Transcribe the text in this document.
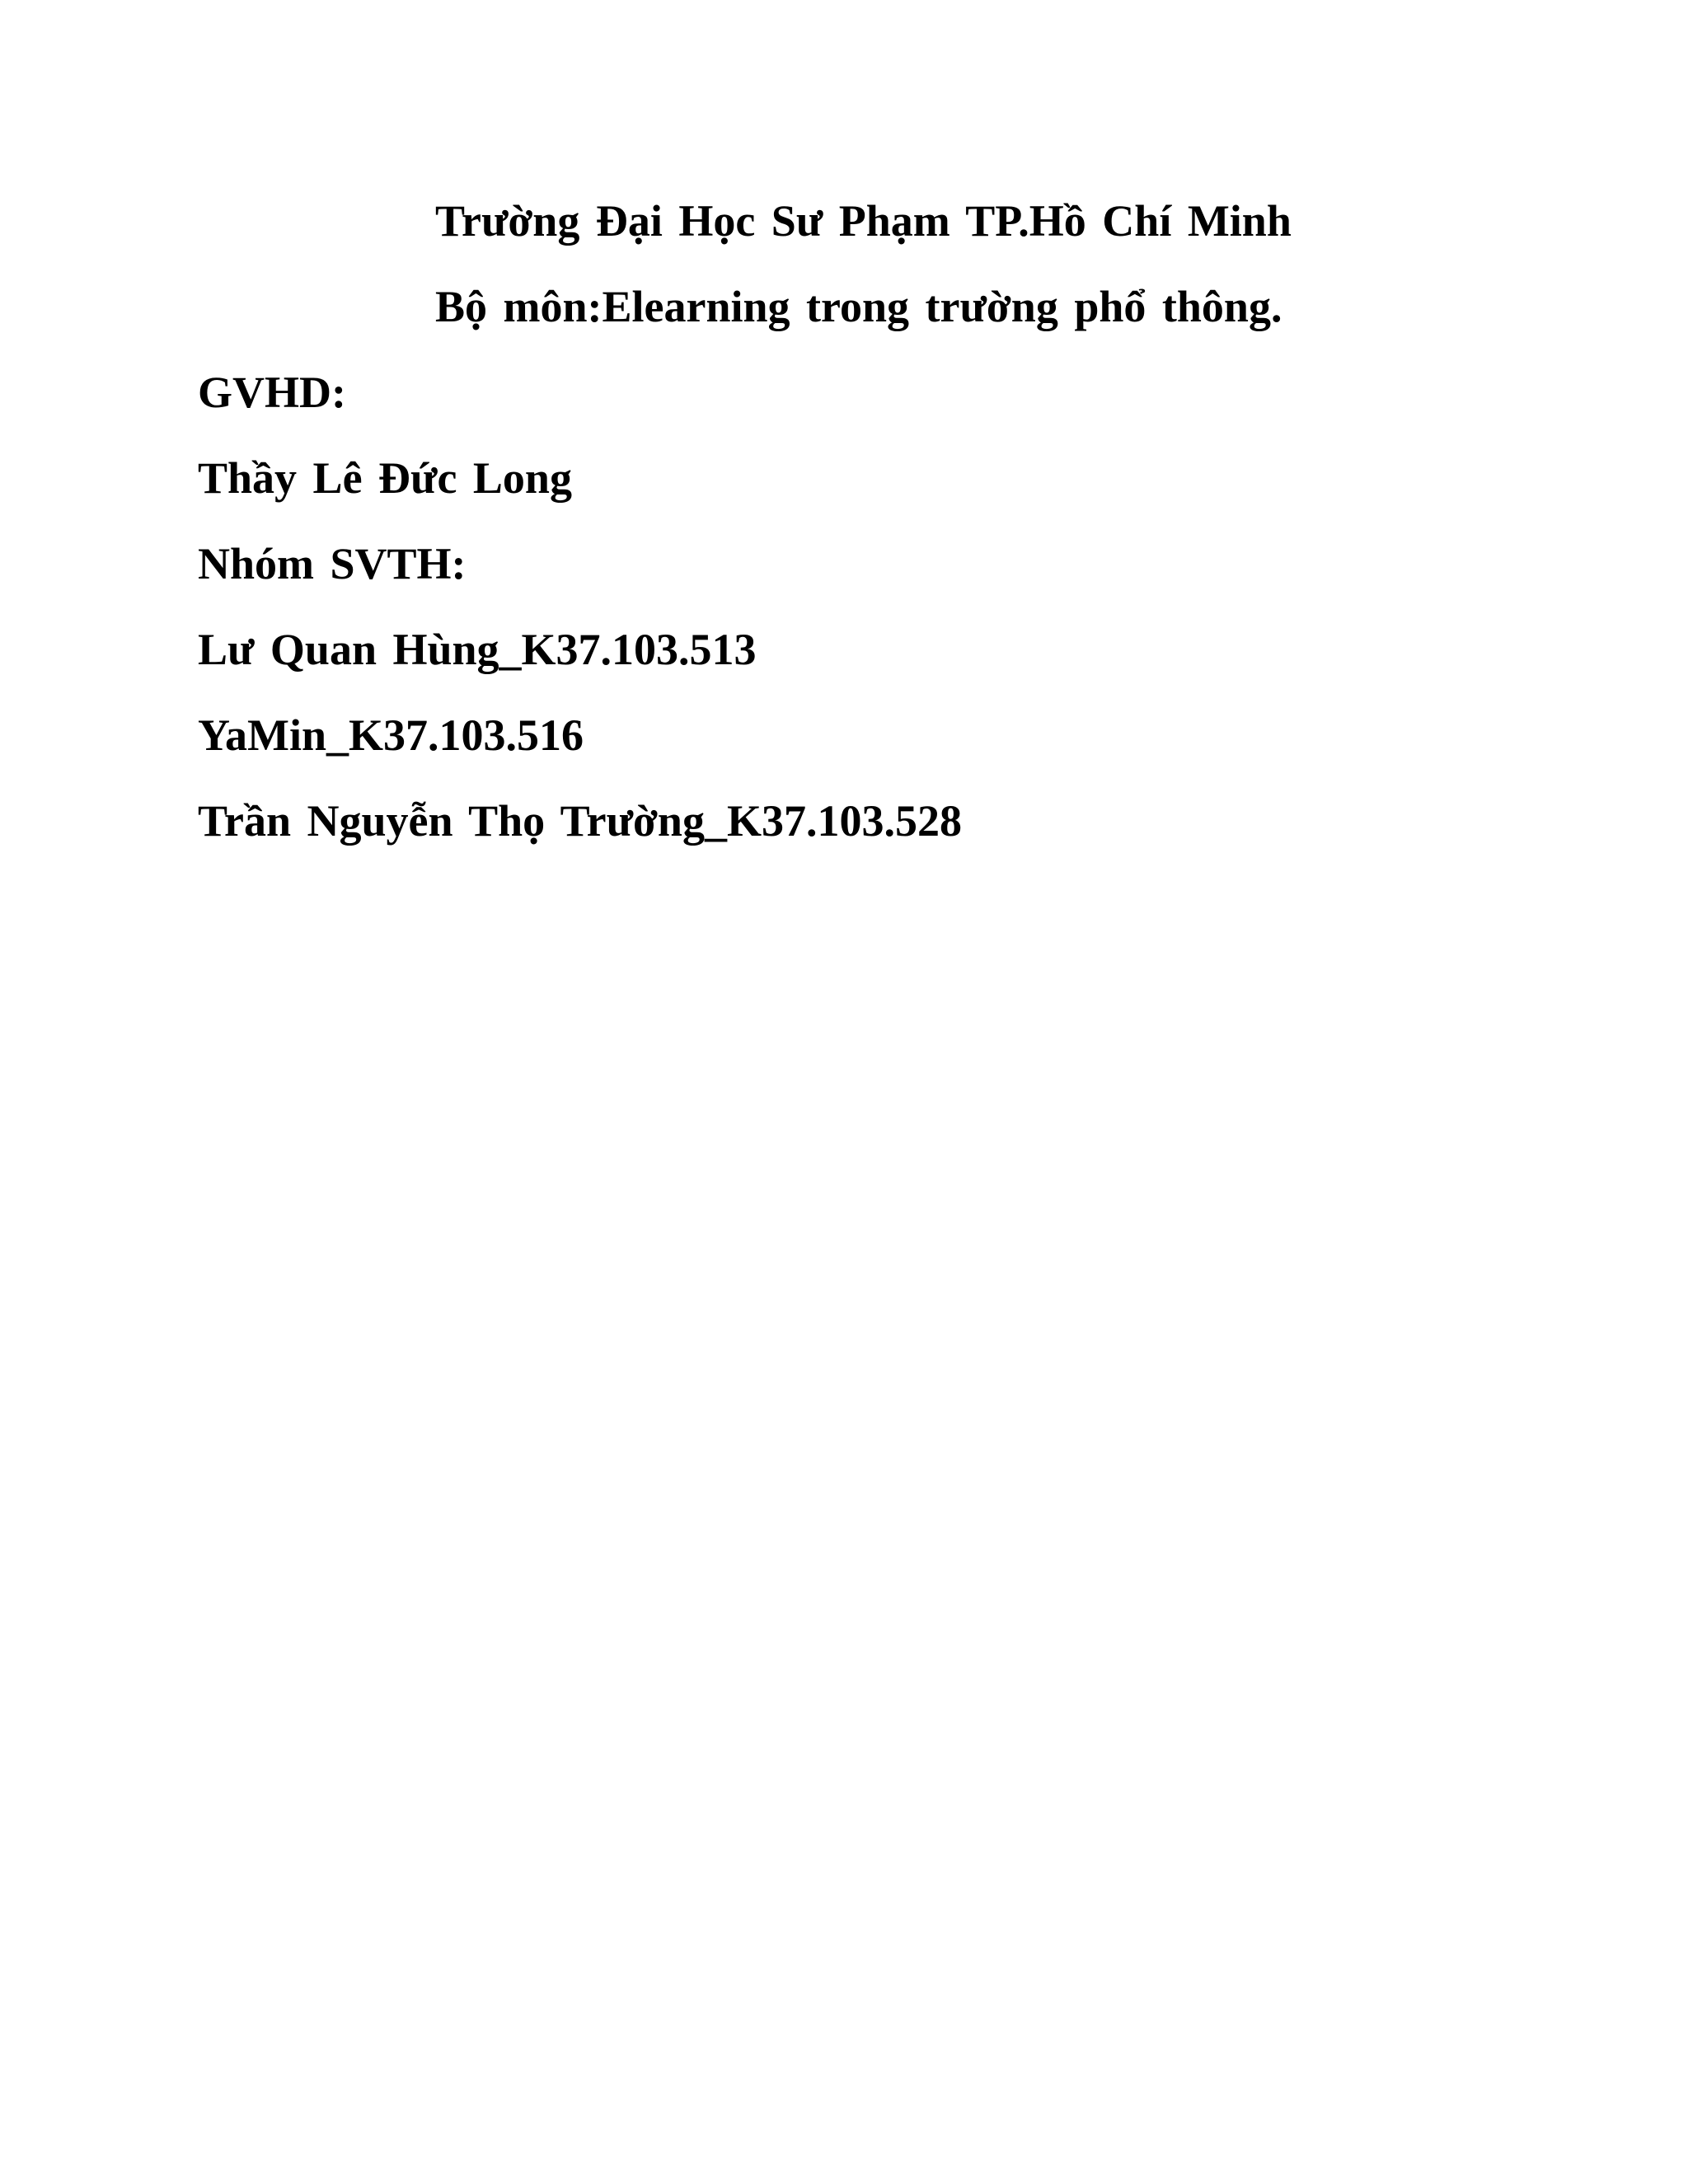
Trường Đại Học Sư Phạm TP.Hồ Chí Minh
Bộ môn:Elearning trong trường phổ thông.
GVHD:
Thầy Lê Đức Long
Nhóm SVTH:
Lư Quan Hùng_K37.103.513
YaMin_K37.103.516
Trần Nguyễn Thọ Trường_K37.103.528
